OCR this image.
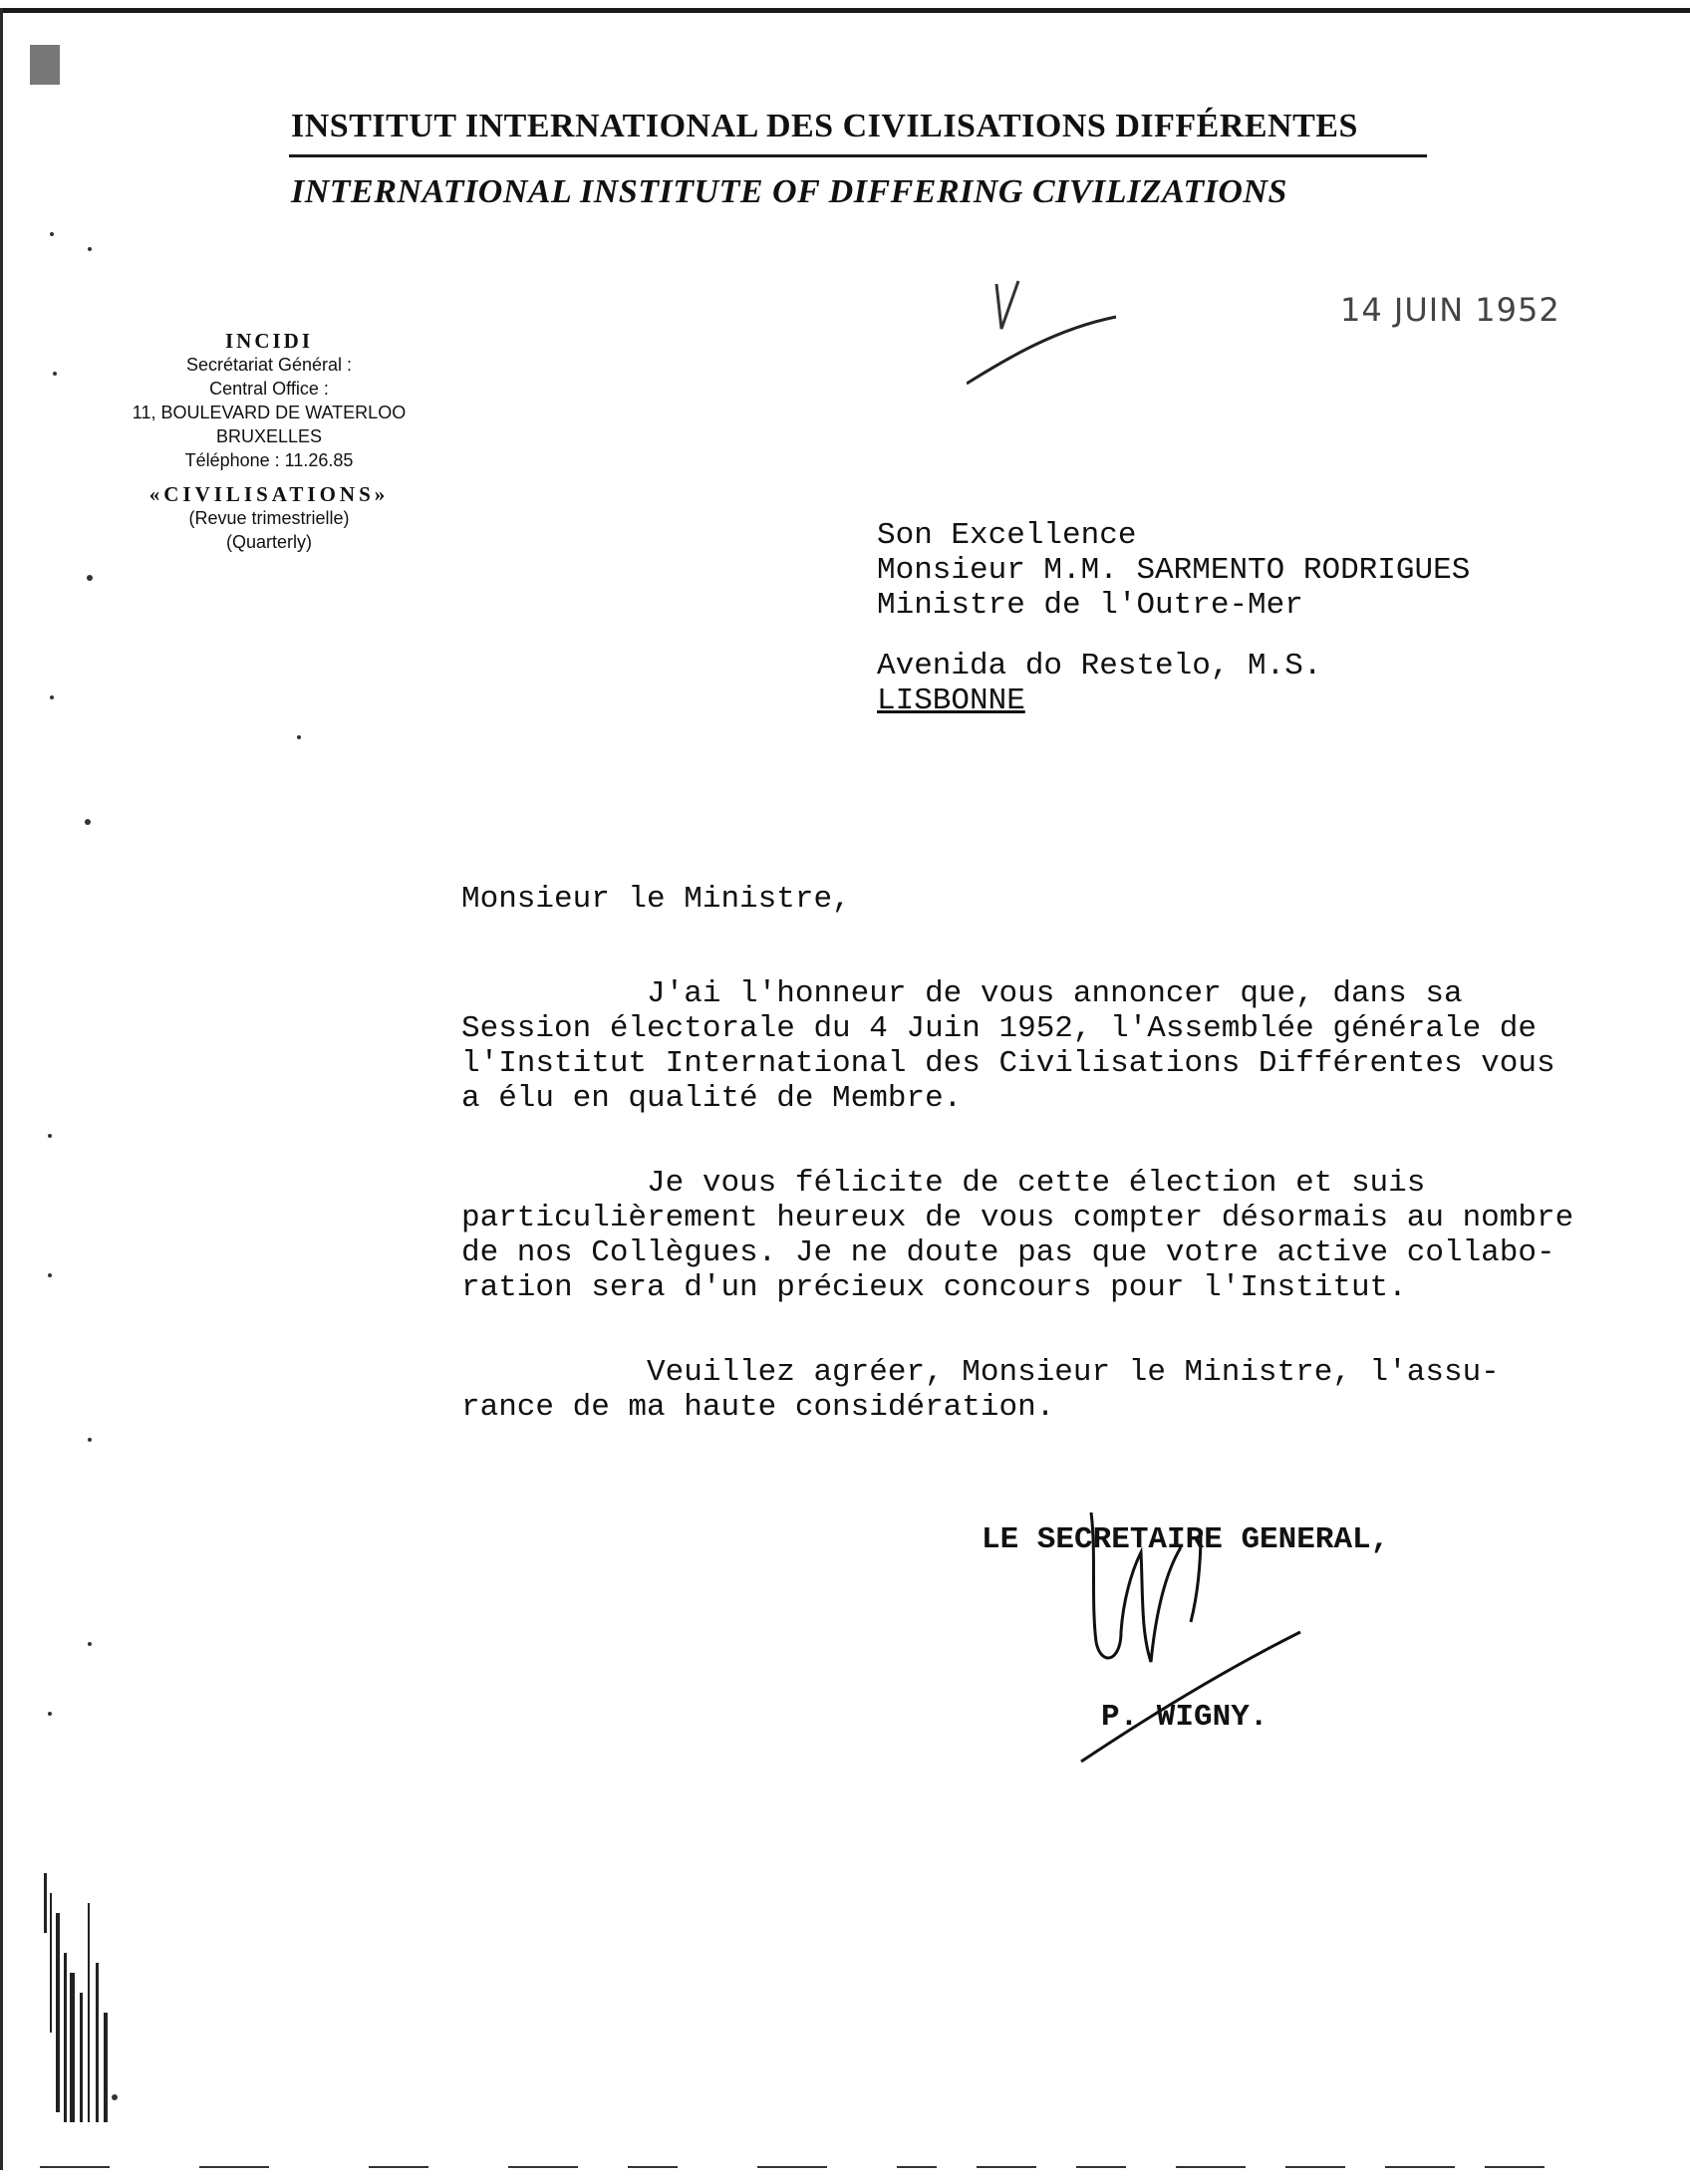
INSTITUT INTERNATIONAL DES CIVILISATIONS DIFFÉRENTES
INTERNATIONAL INSTITUTE OF DIFFERING CIVILIZATIONS
INCIDI
Secrétariat Général :
Central Office :
11, BOULEVARD DE WATERLOO
BRUXELLES
Téléphone : 11.26.85
«CIVILISATIONS»
(Revue trimestrielle)
(Quarterly)
14 JUIN 1952
Son Excellence
Monsieur M.M. SARMENTO RODRIGUES
Ministre de l'Outre-Mer
Avenida do Restelo, M.S.
LISBONNE

Monsieur le Ministre,

J'ai l'honneur de vous annoncer que, dans sa
Session électorale du 4 Juin 1952, l'Assemblée générale de
l'Institut International des Civilisations Différentes vous
a élu en qualité de Membre.

Je vous félicite de cette élection et suis
particulièrement heureux de vous compter désormais au nombre
de nos Collègues. Je ne doute pas que votre active collabo-
ration sera d'un précieux concours pour l'Institut.

Veuillez agréer, Monsieur le Ministre, l'assu-
rance de ma haute considération.

LE SECRETAIRE GENERAL,
P. WIGNY.
